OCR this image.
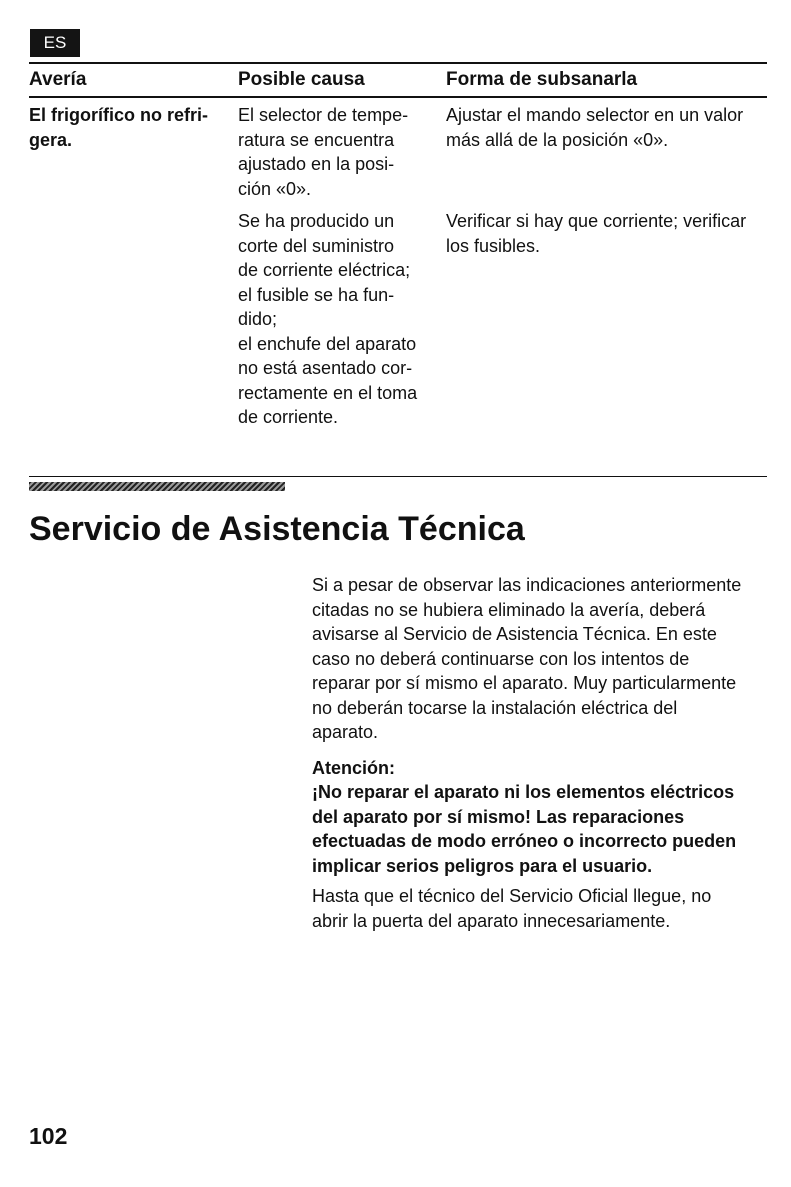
ES
Avería	Posible causa	Forma de subsanarla
El frigorífico no refri-
gera.
El selector de tempe-
ratura se encuentra
ajustado en la posi-
ción «0».
Ajustar el mando selector en un valor
más allá de la posición «0».
Se ha producido un
corte del suministro
de corriente eléctrica;
el fusible se ha fun-
dido;
el enchufe del aparato
no está asentado cor-
rectamente en el toma
de corriente.
Verificar si hay que corriente; verificar
los fusibles.
Servicio de Asistencia Técnica

Si a pesar de observar las indicaciones anteriormente
citadas no se hubiera eliminado la avería, deberá
avisarse al Servicio de Asistencia Técnica. En este
caso no deberá continuarse con los intentos de
reparar por sí mismo el aparato. Muy particularmente
no deberán tocarse la instalación eléctrica del
aparato.

Atención:

¡No reparar el aparato ni los elementos eléctricos
del aparato por sí mismo! Las reparaciones
efectuadas de modo erróneo o incorrecto pueden
implicar serios peligros para el usuario.

Hasta que el técnico del Servicio Oficial llegue, no
abrir la puerta del aparato innecesariamente.

102
